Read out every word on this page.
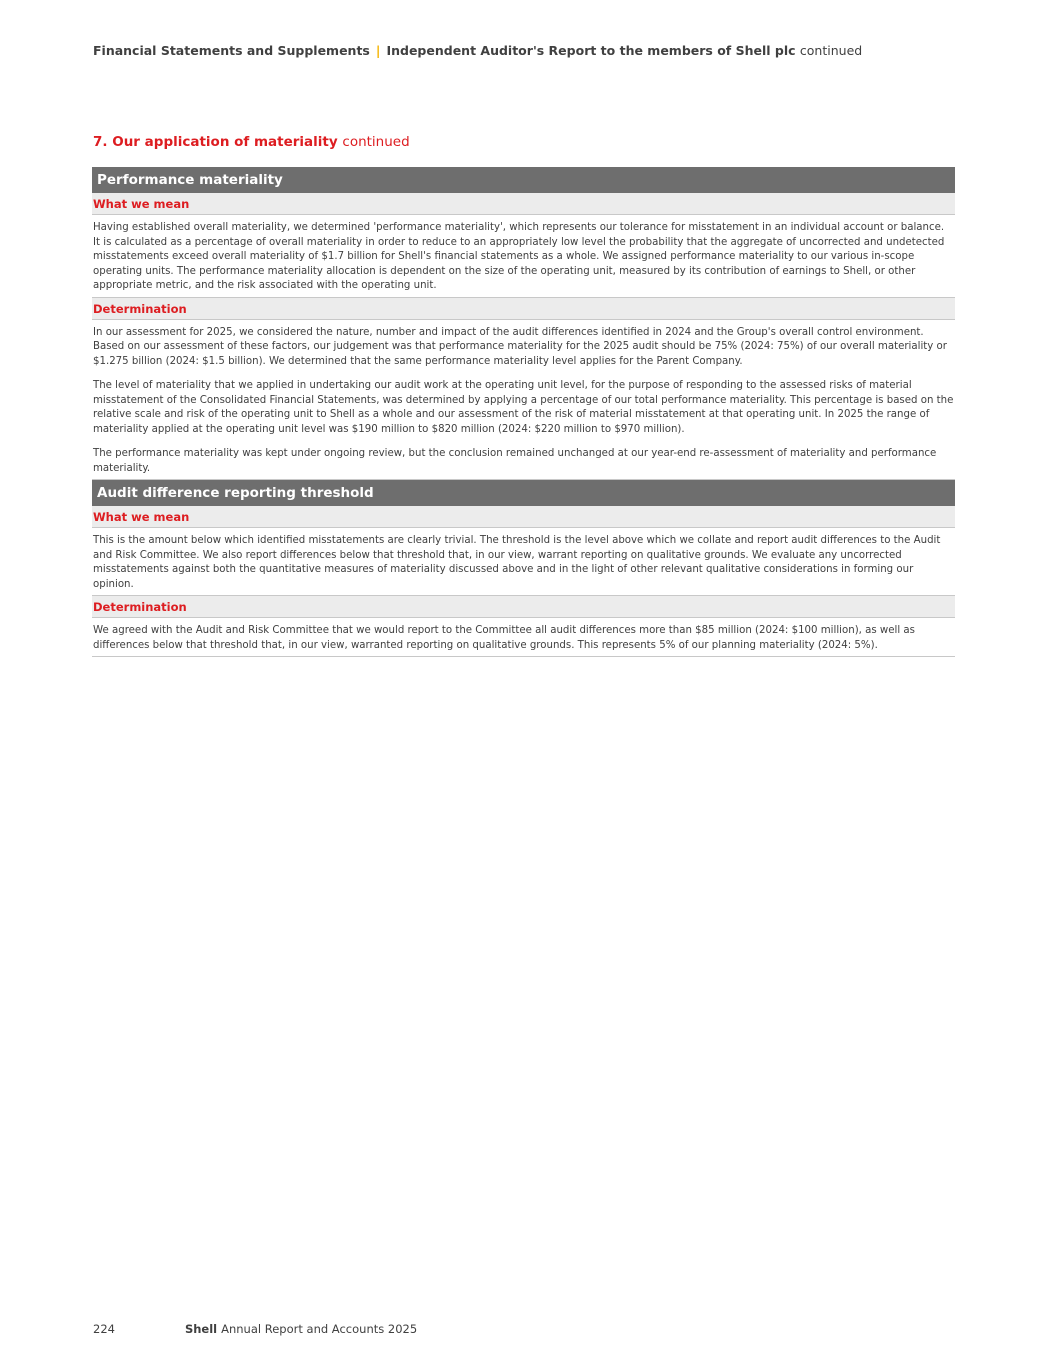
Financial Statements and Supplements | Independent Auditor's Report to the members of Shell plc continued
7. Our application of materiality continued
Performance materiality
What we mean

Having established overall materiality, we determined 'performance materiality', which represents our tolerance for misstatement in an individual account or balance. It is calculated as a percentage of overall materiality in order to reduce to an appropriately low level the probability that the aggregate of uncorrected and undetected misstatements exceed overall materiality of $1.7 billion for Shell's financial statements as a whole. We assigned performance materiality to our various in-scope operating units. The performance materiality allocation is dependent on the size of the operating unit, measured by its contribution of earnings to Shell, or other appropriate metric, and the risk associated with the operating unit.

Determination

In our assessment for 2025, we considered the nature, number and impact of the audit differences identified in 2024 and the Group's overall control environment. Based on our assessment of these factors, our judgement was that performance materiality for the 2025 audit should be 75% (2024: 75%) of our overall materiality or $1.275 billion (2024: $1.5 billion). We determined that the same performance materiality level applies for the Parent Company.

The level of materiality that we applied in undertaking our audit work at the operating unit level, for the purpose of responding to the assessed risks of material misstatement of the Consolidated Financial Statements, was determined by applying a percentage of our total performance materiality. This percentage is based on the relative scale and risk of the operating unit to Shell as a whole and our assessment of the risk of material misstatement at that operating unit. In 2025 the range of materiality applied at the operating unit level was $190 million to $820 million (2024: $220 million to $970 million).

The performance materiality was kept under ongoing review, but the conclusion remained unchanged at our year-end re-assessment of materiality and performance materiality.

Audit difference reporting threshold
What we mean

This is the amount below which identified misstatements are clearly trivial. The threshold is the level above which we collate and report audit differences to the Audit and Risk Committee. We also report differences below that threshold that, in our view, warrant reporting on qualitative grounds. We evaluate any uncorrected misstatements against both the quantitative measures of materiality discussed above and in the light of other relevant qualitative considerations in forming our opinion.

Determination

We agreed with the Audit and Risk Committee that we would report to the Committee all audit differences more than $85 million (2024: $100 million), as well as differences below that threshold that, in our view, warranted reporting on qualitative grounds. This represents 5% of our planning materiality (2024: 5%).

224	Shell Annual Report and Accounts 2025
